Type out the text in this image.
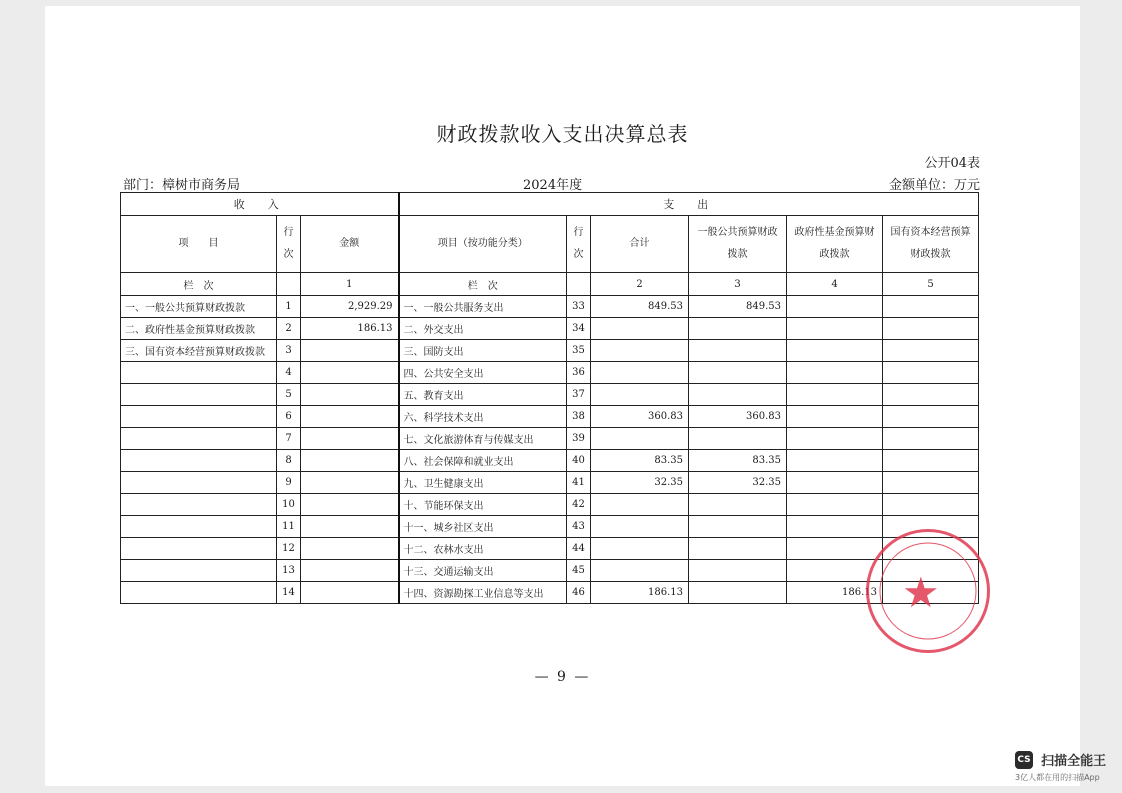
财政拨款收入支出决算总表
公开04表
部门：樟树市商务局	2024年度	金额单位：万元
收　入			支　出					
项　　目	行次	金额	项目（按功能分类）	行次	合计	一般公共预算财政拨款	政府性基金预算财政拨款	国有资本经营预算财政拨款
栏　次		1	栏　次		2	3	4	5
一、一般公共预算财政拨款	1	2,929.29	一、一般公共服务支出	33	849.53	849.53		
二、政府性基金预算财政拨款	2	186.13	二、外交支出	34				
三、国有资本经营预算财政拨款	3		三、国防支出	35				
	4		四、公共安全支出	36				
	5		五、教育支出	37				
	6		六、科学技术支出	38	360.83	360.83		
	7		七、文化旅游体育与传媒支出	39				
	8		八、社会保障和就业支出	40	83.35	83.35		
	9		九、卫生健康支出	41	32.35	32.35		
	10		十、节能环保支出	42				
	11		十一、城乡社区支出	43				
	12		十二、农林水支出	44				
	13		十三、交通运输支出	45				
	14		十四、资源勘探工业信息等支出	46	186.13		186.13	
— 9 —
★
CS 扫描全能王
3亿人都在用的扫描App
